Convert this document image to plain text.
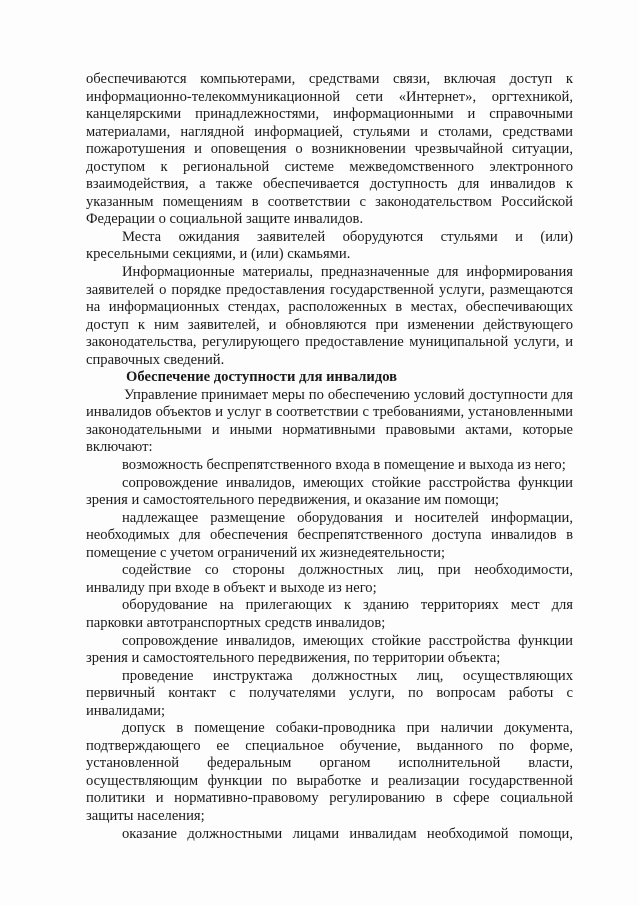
обеспечиваются компьютерами, средствами связи, включая доступ к информационно-телекоммуникационной сети «Интернет», оргтехникой, канцелярскими принадлежностями, информационными и справочными материалами, наглядной информацией, стульями и столами, средствами пожаротушения и оповещения о возникновении чрезвычайной ситуации, доступом к региональной системе межведомственного электронного взаимодействия, а также обеспечивается доступность для инвалидов к указанным помещениям в соответствии с законодательством Российской Федерации о социальной защите инвалидов.

Места ожидания заявителей оборудуются стульями и (или) кресельными секциями, и (или) скамьями.

Информационные материалы, предназначенные для информирования заявителей о порядке предоставления государственной услуги, размещаются на информационных стендах, расположенных в местах, обеспечивающих доступ к ним заявителей, и обновляются при изменении действующего законодательства, регулирующего предоставление муниципальной услуги, и справочных сведений.

Обеспечение доступности для инвалидов

Управление принимает меры по обеспечению условий доступности для инвалидов объектов и услуг в соответствии с требованиями, установленными законодательными и иными нормативными правовыми актами, которые включают:

возможность беспрепятственного входа в помещение и выхода из него;

сопровождение инвалидов, имеющих стойкие расстройства функции зрения и самостоятельного передвижения, и оказание им помощи;

надлежащее размещение оборудования и носителей информации, необходимых для обеспечения беспрепятственного доступа инвалидов в помещение с учетом ограничений их жизнедеятельности;

содействие со стороны должностных лиц, при необходимости, инвалиду при входе в объект и выходе из него;

оборудование на прилегающих к зданию территориях мест для парковки автотранспортных средств инвалидов;

сопровождение инвалидов, имеющих стойкие расстройства функции зрения и самостоятельного передвижения, по территории объекта;

проведение инструктажа должностных лиц, осуществляющих первичный контакт с получателями услуги, по вопросам работы с инвалидами;

допуск в помещение собаки-проводника при наличии документа, подтверждающего ее специальное обучение, выданного по форме, установленной федеральным органом исполнительной власти, осуществляющим функции по выработке и реализации государственной политики и нормативно-правовому регулированию в сфере социальной защиты населения;

оказание должностными лицами инвалидам необходимой помощи,
